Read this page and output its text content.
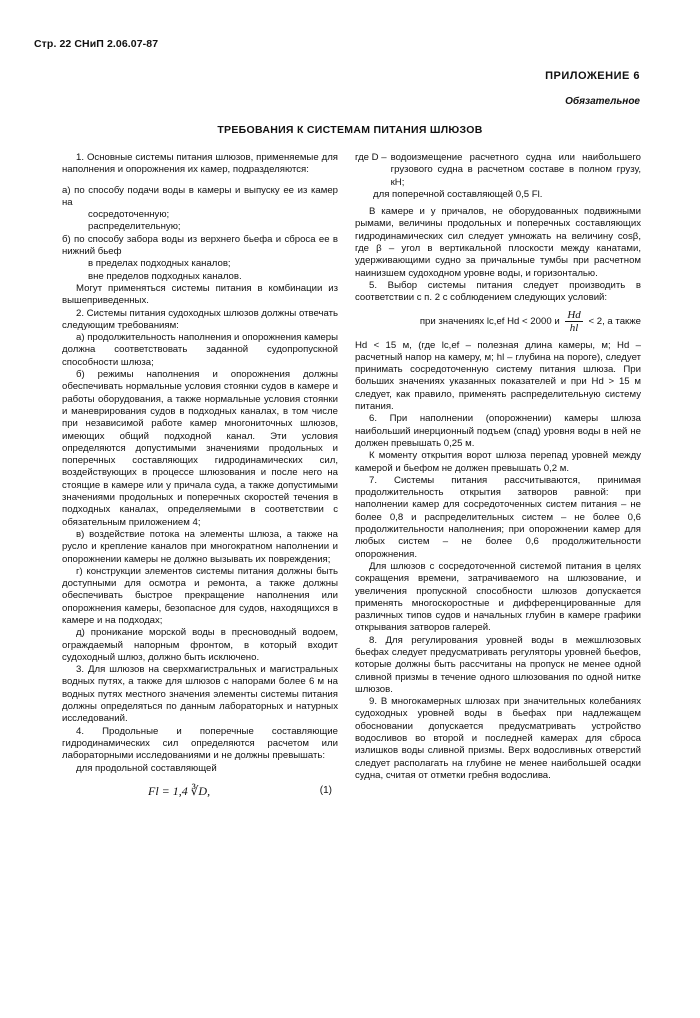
Стр. 22 СНиП 2.06.07-87
ПРИЛОЖЕНИЕ 6
Обязательное
ТРЕБОВАНИЯ К СИСТЕМАМ ПИТАНИЯ ШЛЮЗОВ

1. Основные системы питания шлюзов, применяемые для наполнения и опорожнения их камер, подразделяются:

а) по способу подачи воды в камеры и выпуску ее из камер на

сосредоточенную;

распределительную;

б) по способу забора воды из верхнего бьефа и сброса ее в нижний бьеф

в пределах подходных каналов;

вне пределов подходных каналов.

Могут применяться системы питания в комбинации из вышеприведенных.

2. Системы питания судоходных шлюзов должны отвечать следующим требованиям:

а) продолжительность наполнения и опорожнения камеры должна соответствовать заданной судопропускной способности шлюза;

б) режимы наполнения и опорожнения должны обеспечивать нормальные условия стоянки судов в камере и работы оборудования, а также нормальные условия стоянки и маневрирования судов в подходных каналах, в том числе при независимой работе камер многониточных шлюзов, имеющих общий подходной канал. Эти условия определяются допустимыми значениями продольных и поперечных составляющих гидродинамических сил, воздействующих в процессе шлюзования и после него на стоящие в камере или у причала суда, а также допустимыми значениями продольных и поперечных скоростей течения в подходных каналах, определяемыми в соответствии с обязательным приложением 4;

в) воздействие потока на элементы шлюза, а также на русло и крепление каналов при многократном наполнении и опорожнении камеры не должно вызывать их повреждения;

г) конструкции элементов системы питания должны быть доступными для осмотра и ремонта, а также должны обеспечивать быстрое прекращение наполнения или опорожнения камеры, безопасное для судов, находящихся в камере и на подходах;

д) проникание морской воды в пресноводный водоем, ограждаемый напорным фронтом, в который входит судоходный шлюз, должно быть исключено.

3. Для шлюзов на сверхмагистральных и магистральных водных путях, а также для шлюзов с напорами более 6 м на водных путях местного значения элементы системы питания должны определяться по данным лабораторных и натурных исследований.

4. Продольные и поперечные составляющие гидродинамических сил определяются расчетом или лабораторными исследованиями и не должны превышать:

для продольной составляющей

Fl = 1,4 ∛D,	(1)
где D – водоизмещение расчетного судна или наибольшего грузового судна в расчетном составе в полном грузу, кН;

для поперечной составляющей 0,5 Fl.

В камере и у причалов, не оборудованных подвижными рымами, величины продольных и поперечных составляющих гидродинамических сил следует умножать на величину cosβ, где β – угол в вертикальной плоскости между канатами, удерживающими судно за причальные тумбы при расчетном наинизшем судоходном уровне воды, и горизонталью.

5. Выбор системы питания следует производить в соответствии с п. 2 с соблюдением следующих условий:

при значениях lc,ef Hd < 2000 и $\frac{Hd}{hl} < 2$, а также

Hd < 15 м, (где lc,ef – полезная длина камеры, м; Hd – расчетный напор на камеру, м; hl – глубина на пороге), следует принимать сосредоточенную систему питания шлюза. При больших значениях указанных показателей и при Hd > 15 м следует, как правило, применять распределительную систему питания.

6. При наполнении (опорожнении) камеры шлюза наибольший инерционный подъем (спад) уровня воды в ней не должен превышать 0,25 м.

К моменту открытия ворот шлюза перепад уровней между камерой и бьефом не должен превышать 0,2 м.

7. Системы питания рассчитываются, принимая продолжительность открытия затворов равной: при наполнении камер для сосредоточенных систем питания – не более 0,8 и распределительных систем – не более 0,6 продолжительности наполнения; при опорожнении камер для любых систем – не более 0,6 продолжительности опорожнения.

Для шлюзов с сосредоточенной системой питания в целях сокращения времени, затрачиваемого на шлюзование, и увеличения пропускной способности шлюзов допускается применять многоскоростные и дифференцированные для различных типов судов и начальных глубин в камере графики открывания затворов галерей.

8. Для регулирования уровней воды в межшлюзовых бьефах следует предусматривать регуляторы уровней бьефов, которые должны быть рассчитаны на пропуск не менее одной сливной призмы в течение одного шлюзования по одной нитке шлюзов.

9. В многокамерных шлюзах при значительных колебаниях судоходных уровней воды в бьефах при надлежащем обосновании допускается предусматривать устройство водосливов во второй и последней камерах для сброса излишков воды сливной призмы. Верх водосливных отверстий следует располагать на глубине не менее наибольшей осадки судна, считая от отметки гребня водослива.
